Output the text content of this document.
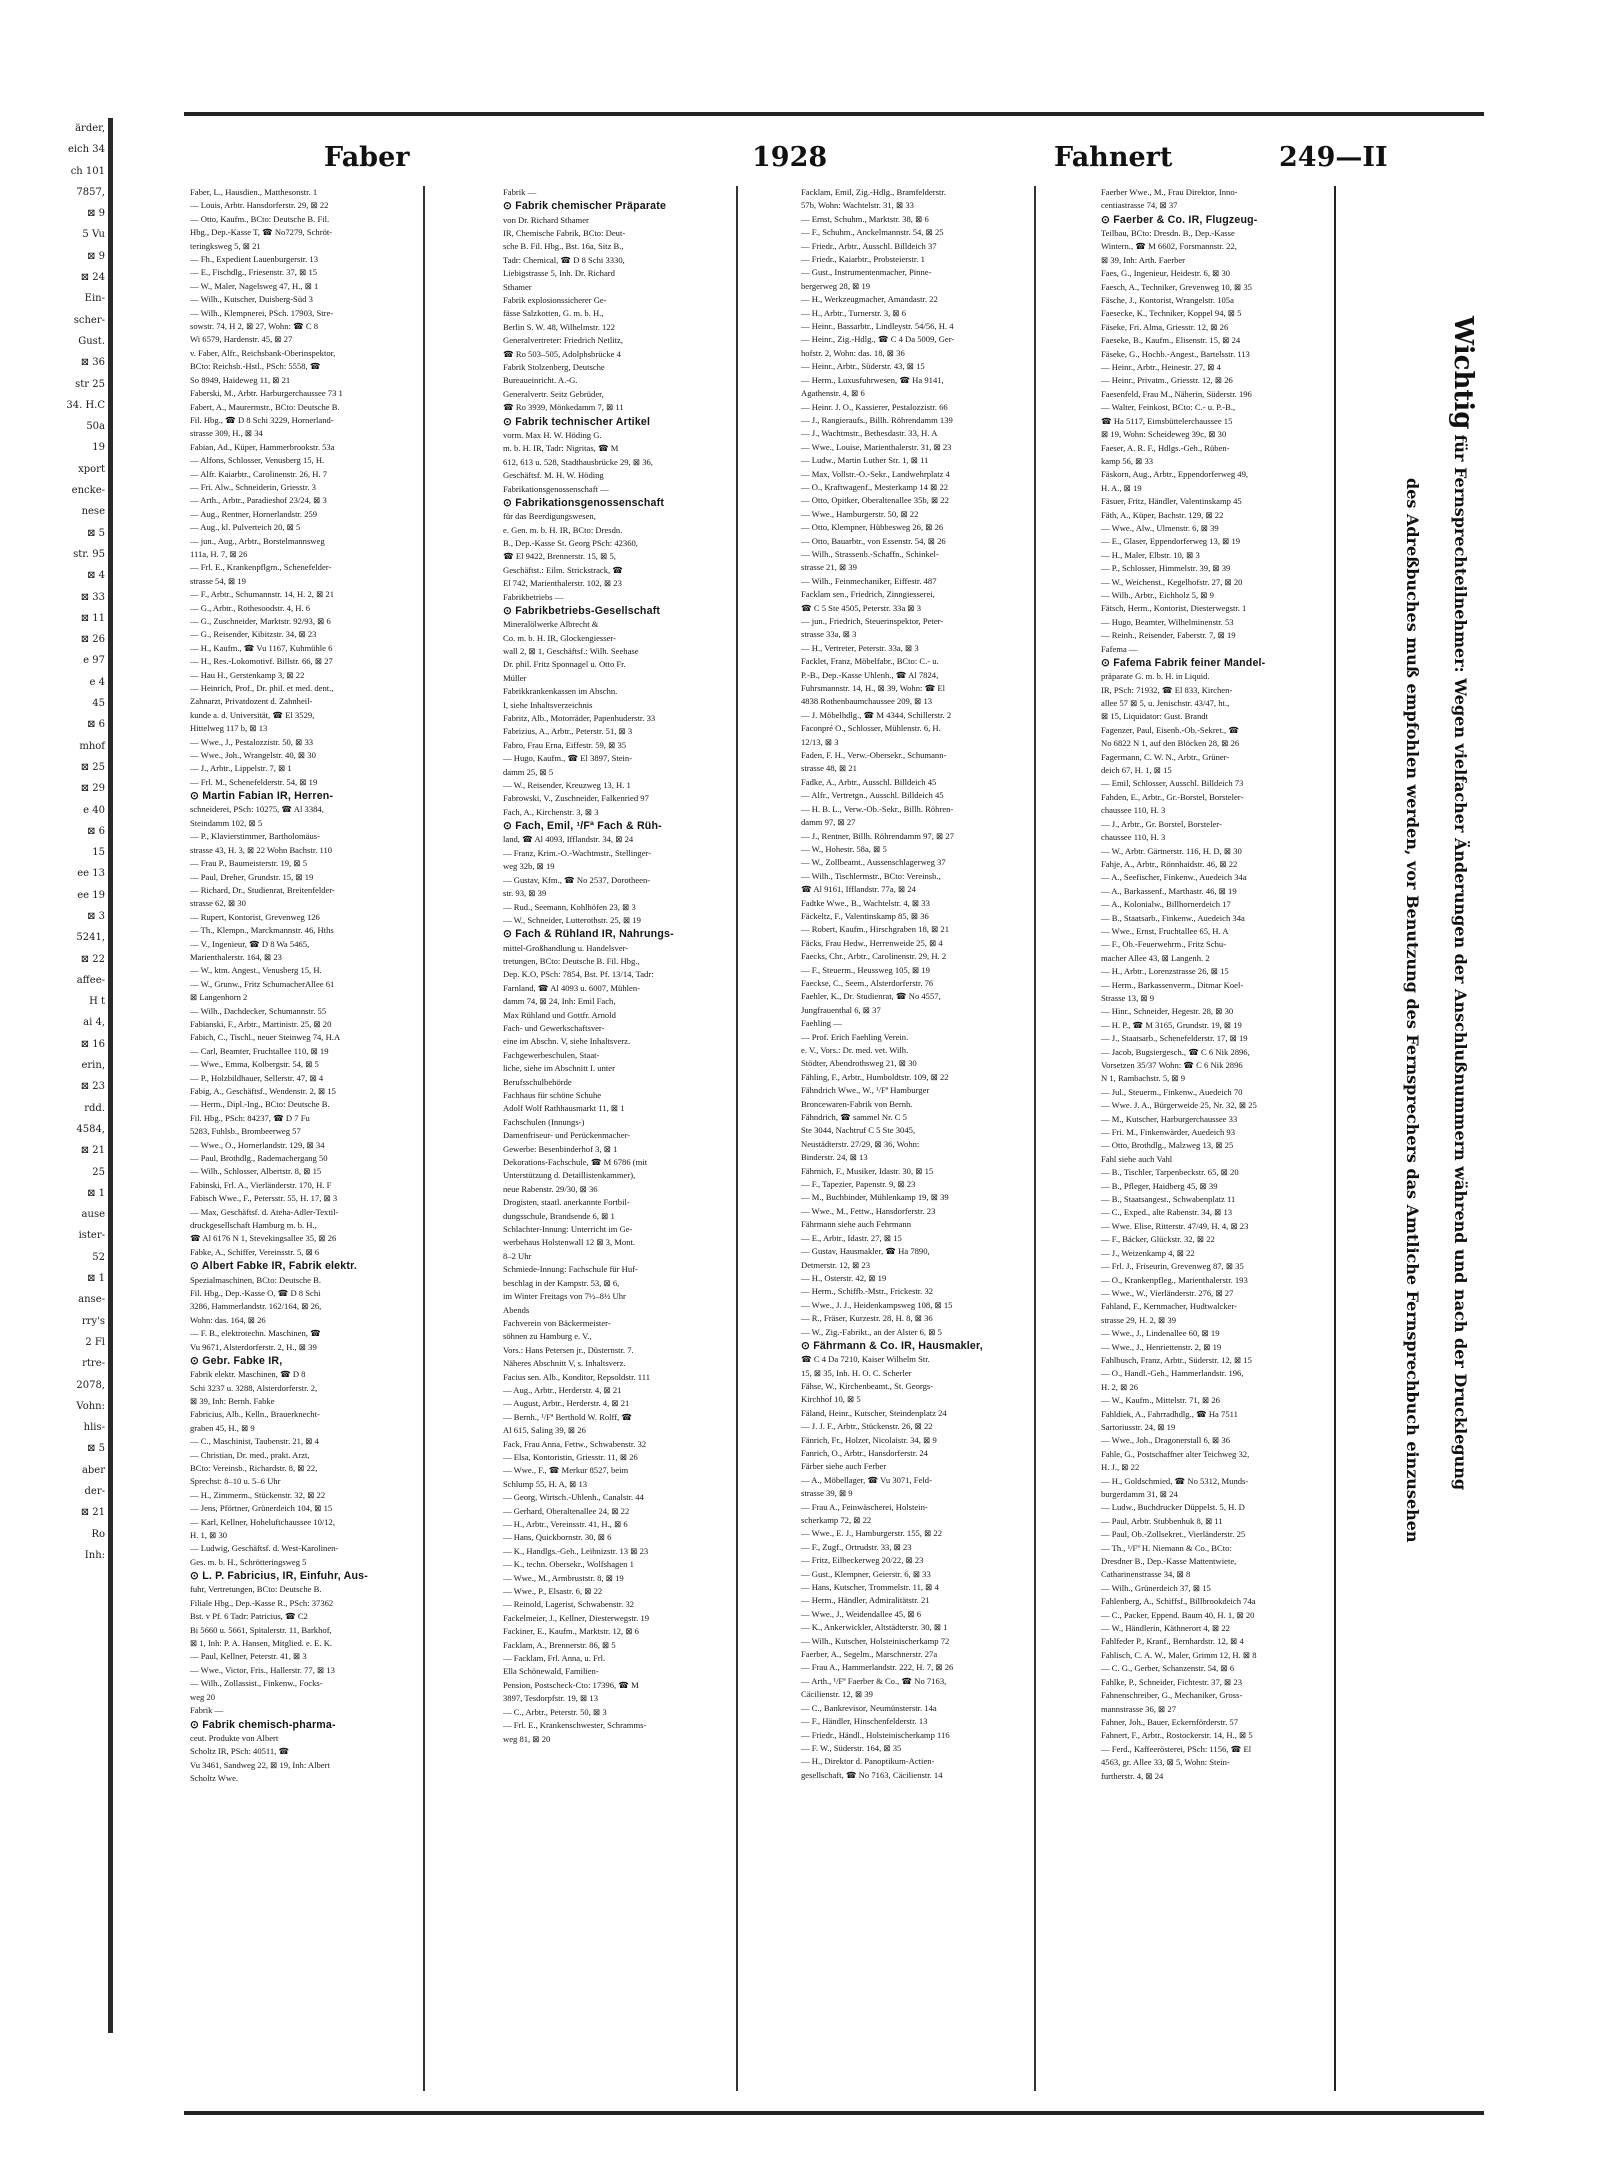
ärder,
eich 34
ch 101
7857,
⊠ 9
5 Vu
⊠ 9
⊠ 24
Ein-
scher-
Gust.
⊠ 36
str 25
34. H.C
50a
19
xport
encke-
nese
⊠ 5
str. 95
⊠ 4
⊠ 33
⊠ 11
⊠ 26
e 97
e 4
45
⊠ 6
mhof
⊠ 25
⊠ 29
e 40
⊠ 6
15
ee 13
ee 19
⊠ 3
5241,
⊠ 22
affee-
H t
ai 4,
⊠ 16
erin,
⊠ 23
rdd.
4584,
⊠ 21
25
⊠ 1
ause
ister-
52
⊠ 1
anse-
rry's
2 Fl
rtre-
2078,
Vohn:
hlis-
⊠ 5
aber
der-
⊠ 21
Ro
Inh:
Faber	1928	Fahnert	249—II
Faber, L., Hausdien., Matthesonstr. 1
— Louis, Arbtr. Hansdorferstr. 29, ⊠ 22
— Otto, Kaufm., BCto: Deutsche B. Fil.
Hbg., Dep.-Kasse T, ☎ No7279, Schröt-
teringksweg 5, ⊠ 21
— Fh., Expedient Lauenburgerstr. 13
— E., Fischdlg., Friesenstr. 37, ⊠ 15
— W., Maler, Nagelsweg 47, H., ⊠ 1
— Wilh., Kutscher, Duisberg-Süd 3
— Wilh., Klempnerei, PSch. 17903, Stre-
sowstr. 74, H 2, ⊠ 27, Wohn: ☎ C 8
Wi 6579, Hardenstr. 45, ⊠ 27
v. Faber, Alfr., Reichsbank-Oberinspektor,
BCto: Reichsb.-Hstl., PSch: 5558, ☎
So 8949, Haideweg 11, ⊠ 21
Faberski, M., Arbtr. Harburgerchaussee 73 1
Fabert, A., Maurermstr., BCto: Deutsche B.
Fil. Hbg., ☎ D 8 Schi 3229, Hornerland-
strasse 309, H., ⊠ 34
Fabian, Ad., Küper, Hammerbrookstr. 53a
— Alfons, Schlosser, Venusberg 15, H.
— Alfr. Kaiarbtr., Carolinenstr. 26, H. 7
— Fri. Alw., Schneiderin, Griesstr. 3
— Arth., Arbtr., Paradieshof 23/24, ⊠ 3
— Aug., Rentner, Hornerlandstr. 259
— Aug., kl. Pulverteich 20, ⊠ 5
— jun., Aug., Arbtr., Borstelmannsweg
111a, H. 7, ⊠ 26
— Frl. E., Krankenpflgrn., Schenefelder-
strasse 54, ⊠ 19
— F., Arbtr., Schumannstr. 14, H. 2, ⊠ 21
— G., Arbtr., Rothesoodstr. 4, H. 6
— G., Zuschneider, Marktstr. 92/93, ⊠ 6
— G., Reisender, Kibitzstr. 34, ⊠ 23
— H., Kaufm., ☎ Vu 1167, Kuhmühle 6
— H., Res.-Lokomotivf. Billstr. 66, ⊠ 27
— Hau H., Gerstenkamp 3, ⊠ 22
— Heinrich, Prof., Dr. phil. et med. dent.,
Zahnarzt, Privatdozent d. Zahnheil-
kunde a. d. Universität, ☎ El 3529,
Hittelweg 117 b, ⊠ 13
— Wwe., J., Pestalozzistr. 50, ⊠ 33
— Wwe., Joh., Wrangelstr. 40, ⊠ 30
— J., Arbtr., Lippelstr. 7, ⊠ 1
— Frl. M., Schenefelderstr. 54, ⊠ 19
⊙ Martin Fabian IR, Herren-
schneiderei, PSch: 10275, ☎ Al 3384,
Steindamm 102, ⊠ 5
— P., Klavierstimmer, Bartholomäus-
strasse 43, H. 3, ⊠ 22 Wohn Bachstr. 110
— Frau P., Baumeisterstr. 19, ⊠ 5
— Paul, Dreher, Grundstr. 15, ⊠ 19
— Richard, Dr., Studienrat, Breitenfelder-
strasse 62, ⊠ 30
— Rupert, Kontorist, Grevenweg 126
— Th., Klempn., Marckmannstr. 46, Hths
— V., Ingenieur, ☎ D 8 Wa 5465,
Marienthalerstr. 164, ⊠ 23
— W., ktm. Angest., Venusberg 15, H.
— W., Grunw., Fritz SchumacherAllee 61
⊠ Langenhorn 2
— Wilh., Dachdecker, Schumannstr. 55
Fabianski, F., Arbtr., Martinistr. 25, ⊠ 20
Fabich, C., Tischl., neuer Steinweg 74, H.A
— Carl, Beamter, Fruchtallee 110, ⊠ 19
— Wwe., Emma, Kolbergstr. 54, ⊠ 5
— P., Holzbildhauer, Sellerstr. 47, ⊠ 4
Fabig, A., Geschäftsf., Wendenstr. 2, ⊠ 15
— Herm., Dipl.-Ing., BCto: Deutsche B.
Fil. Hbg., PSch: 84237, ☎ D 7 Fu
5283, Fuhlsb., Brombeerweg 57
— Wwe., O., Hornerlandstr. 129, ⊠ 34
— Paul, Brothdlg., Rademachergang 50
— Wilh., Schlosser, Albertstr. 8, ⊠ 15
Fabinski, Frl. A., Vierländerstr. 170, H. F
Fabisch Wwe., F., Petersstr. 55, H. 17, ⊠ 3
— Max, Geschäftsf. d. Ateha-Adler-Textil-
druckgesellschaft Hamburg m. b. H.,
☎ Al 6176 N 1, Stevekingsallee 35, ⊠ 26
Fabke, A., Schiffer, Vereinsstr. 5, ⊠ 6
⊙ Albert Fabke IR, Fabrik elektr.
Spezialmaschinen, BCto: Deutsche B.
Fil. Hbg., Dep.-Kasse O, ☎ D 8 Schi
3286, Hammerlandstr. 162/164, ⊠ 26,
Wohn: das. 164, ⊠ 26
— F. B., elektrotechn. Maschinen, ☎
Vu 9671, Alsterdorferstr. 2, H., ⊠ 39
⊙ Gebr. Fabke IR,
Fabrik elektr. Maschinen, ☎ D 8
Schi 3237 u. 3288, Alsterdorferstr. 2,
⊠ 39, Inh: Bernh. Fabke
Fabricius, Alb., Kelln., Brauerknecht-
graben 45, H., ⊠ 9
— C., Maschinist, Taubenstr. 21, ⊠ 4
— Christian, Dr. med., prakt. Arzt,
BCto: Vereinsb., Richardstr. 8, ⊠ 22,
Sprechst: 8–10 u. 5–6 Uhr
— H., Zimmerm., Stückenstr. 32, ⊠ 22
— Jens, Pförtner, Grünerdeich 104, ⊠ 15
— Karl, Kellner, Hoheluftchaussee 10/12,
H. 1, ⊠ 30
— Ludwig, Geschäftsf. d. West-Karolinen-
Ges. m. b. H., Schrötteringsweg 5
⊙ L. P. Fabricius, IR, Einfuhr, Aus-
fuhr, Vertretungen, BCto: Deutsche B.
Filiale Hbg., Dep.-Kasse R., PSch: 37362
Bst. v Pf. 6 Tadr: Patricius, ☎ C2
Bi 5660 u. 5661, Spitalerstr. 11, Barkhof,
⊠ 1, Inh: P. A. Hansen, Mitglied. e. E. K.
— Paul, Kellner, Peterstr. 41, ⊠ 3
— Wwe., Victor, Fris., Hallerstr. 77, ⊠ 13
— Wilh., Zollassist., Finkenw., Focks-
weg 20
Fabrik —
⊙ Fabrik chemisch-pharma-
ceut. Produkte von Albert
Scholtz IR, PSch: 40511, ☎
Vu 3461, Sandweg 22, ⊠ 19, Inh: Albert
Scholtz Wwe.
Fabrik —
⊙ Fabrik chemischer Präparate
von Dr. Richard Sthamer
IR, Chemische Fabrik, BCto: Deut-
sche B. Fil. Hbg., Bst. 16a, Sitz B.,
Tadr: Chemical, ☎ D 8 Schi 3330,
Liebigstrasse 5, Inh. Dr. Richard
Sthamer
Fabrik explosionssicherer Ge-
fässe Salzkotten, G. m. b. H.,
Berlin S. W. 48, Wilhelmstr. 122
Generalvertreter: Friedrich Netlitz,
☎ Ro 503–505, Adolphsbrücke 4
Fabrik Stolzenberg, Deutsche
Bureaueinricht. A.-G.
Generalvertr. Seitz Gebrüder,
☎ Ro 3939, Mönkedamm 7, ⊠ 11
⊙ Fabrik technischer Artikel
vorm. Max H. W. Höding G.
m. b. H. IR, Tadr: Nigritas, ☎ M
612, 613 u. 528, Stadthausbrücke 29, ⊠ 36,
Geschäftsf. M. H. W. Höding
Fabrikationsgenossenschaft —
⊙ Fabrikationsgenossenschaft
für das Beerdigungswesen,
e. Gen. m. b. H. IR, BCto: Dresdn.
B., Dep.-Kasse St. Georg PSch: 42360,
☎ El 9422, Brennerstr. 15, ⊠ 5,
Geschäftst.: Eilm. Strickstrack, ☎
El 742, Marienthalerstr. 102, ⊠ 23
Fabrikbetriebs —
⊙ Fabrikbetriebs-Gesellschaft
Mineralölwerke Albrecht &
Co. m. b. H. IR, Glockengiesser-
wall 2, ⊠ 1, Geschäftsf.: Wilh. Seehase
Dr. phil. Fritz Sponnagel u. Otto Fr.
Müller
Fabrikkrankenkassen im Abschn.
I, siehe Inhaltsverzeichnis
Fabritz, Alb., Motorräder, Papenhuderstr. 33
Fabrizius, A., Arbtr., Peterstr. 51, ⊠ 3
Fabro, Frau Erna, Eiffestr. 59, ⊠ 35
— Hugo, Kaufm., ☎ El 3897, Stein-
damm 25, ⊠ 5
— W., Reisender, Kreuzweg 13, H. 1
Fabrowski, V., Zuschneider, Falkenried 97
Fach, A., Kirchenstr. 3, ⊠ 3
⊙ Fach, Emil, ¹/Fª Fach & Rüh-
land, ☎ Al 4093, Ifflandstr. 34, ⊠ 24
— Franz, Krim.-O.-Wachtmstr., Stellinger-
weg 32b, ⊠ 19
— Gustav, Kfm., ☎ No 2537, Dorotheen-
str. 93, ⊠ 39
— Rud., Seemann, Kohlhöfen 23, ⊠ 3
— W., Schneider, Lutterothstr. 25, ⊠ 19
⊙ Fach & Rühland IR, Nahrungs-
mittel-Großhandlung u. Handelsver-
tretungen, BCto: Deutsche B. Fil. Hbg.,
Dep. K.O, PSch: 7854, Bst. Pf. 13/14, Tadr:
Farnland, ☎ Al 4093 u. 6007, Mühlen-
damm 74, ⊠ 24, Inh: Emil Fach,
Max Rühland und Gottfr. Arnold
Fach- und Gewerkschaftsver-
eine im Abschn. V, siehe Inhaltsverz.
Fachgewerbeschulen, Staat-
liche, siehe im Abschnitt I. unter
Berufsschulbehörde
Fachhaus für schöne Schuhe
Adolf Wolf Rathhausmarkt 11, ⊠ 1
Fachschulen (Innungs-)
Damenfriseur- und Perückenmacher-
Gewerbe: Besenbinderhof 3, ⊠ 1
Dekorations-Fachschule, ☎ M 6786 (mit
Unterstützung d. Detaillistenkammer),
neue Rabenstr. 29/30, ⊠ 36
Drogisten, staatl. anerkannte Fortbil-
dungsschule, Brandsende 6, ⊠ 1
Schlachter-Innung: Unterricht im Ge-
werbehaus Holstenwall 12 ⊠ 3, Mont.
8–2 Uhr
Schmiede-Innung: Fachschule für Huf-
beschlag in der Kampstr. 53, ⊠ 6,
im Winter Freitags von 7½–8½ Uhr
Abends
Fachverein von Bäckermeister-
söhnen zu Hamburg e. V.,
Vors.: Hans Petersen jr., Düsternstr. 7.
Näheres Abschnitt V, s. Inhaltsverz.
Facius sen. Alb., Konditor, Repsoldstr. 111
— Aug., Arbtr., Herderstr. 4, ⊠ 21
— August, Arbtr., Herderstr. 4, ⊠ 21
— Bernh., ¹/Fª Berthold W. Rolff, ☎
Al 615, Saling 39, ⊠ 26
Fack, Frau Anna, Fettw., Schwabenstr. 32
— Elsa, Kontoristin, Griesstr. 11, ⊠ 26
— Wwe., F., ☎ Merkur 8527, beim
Schlump 55, H. A, ⊠ 13
— Georg, Wirtsch.-Uhlenh., Canalstr. 44
— Gerhard, Oberaltenallee 24, ⊠ 22
— H., Arbtr., Vereinsstr. 41, H., ⊠ 6
— Hans, Quickbornstr. 30, ⊠ 6
— K., Handlgs.-Geh., Leibnizstr. 13 ⊠ 23
— K., techn. Obersekr., Wolfshagen 1
— Wwe., M., Armbruststr. 8, ⊠ 19
— Wwe., P., Elsastr. 6, ⊠ 22
— Reinold, Lagerist, Schwabenstr. 32
Fackelmeier, J., Kellner, Diesterwegstr. 19
Fackiner, E., Kaufm., Marktstr. 12, ⊠ 6
Facklam, A., Brennerstr. 86, ⊠ 5
— Facklam, Frl. Anna, u. Frl.
Ella Schönewald, Familien-
Pension, Postscheck-Cto: 17396, ☎ M
3897, Tesdorpfstr. 19, ⊠ 13
— C., Arbtr., Peterstr. 50, ⊠ 3
— Frl. E., Krankenschwester, Schramms-
weg 81, ⊠ 20
Facklam, Emil, Zig.-Hdlg., Bramfelderstr.
57b, Wohn: Wachtelstr. 31, ⊠ 33
— Ernst, Schuhm., Marktstr. 38, ⊠ 6
— F., Schuhm., Anckelmannstr. 54, ⊠ 25
— Friedr., Arbtr., Ausschl. Billdeich 37
— Friedr., Kaiarbtr., Probsteierstr. 1
— Gust., Instrumentenmacher, Pinne-
bergerweg 28, ⊠ 19
— H., Werkzeugmacher, Amandastr. 22
— H., Arbtr., Turnerstr. 3, ⊠ 6
— Heinr., Bassarbtr., Lindleystr. 54/56, H. 4
— Heinr., Zig.-Hdlg., ☎ C 4 Da 5009, Ger-
hofstr. 2, Wohn: das. 18, ⊠ 36
— Heinr., Arbtr., Süderstr. 43, ⊠ 15
— Herm., Luxusfuhrwesen, ☎ Ha 9141,
Agathenstr. 4, ⊠ 6
— Heinr. J. O., Kassierer, Pestalozzistr. 66
— J., Rangieraufs., Billh. Röhrendamm 139
— J., Wachtmstr., Bethesdastr. 33, H. A
— Wwe., Louise, Marienthalerstr. 31, ⊠ 23
— Ludw., Martin Luther Str. 1, ⊠ 11
— Max, Vollstr.-O.-Sekr., Landwehrplatz 4
— O., Kraftwagenf., Mesterkamp 14 ⊠ 22
— Otto, Opitker, Oberaltenallee 35b, ⊠ 22
— Wwe., Hamburgerstr. 50, ⊠ 22
— Otto, Klempner, Hübbesweg 26, ⊠ 26
— Otto, Bauarbtr., von Essenstr. 54, ⊠ 26
— Wilh., Strassenb.-Schaffn., Schinkel-
strasse 21, ⊠ 39
— Wilh., Feinmechaniker, Eiffestr. 487
Facklam sen., Friedrich, Zinngiesserei,
☎ C 5 Ste 4505, Peterstr. 33a ⊠ 3
— jun., Friedrich, Steuerinspektor, Peter-
strasse 33a, ⊠ 3
— H., Vertreter, Peterstr. 33a, ⊠ 3
Facklet, Franz, Möbelfabr., BCto: C.- u.
P.-B., Dep.-Kasse Uhlenh., ☎ Al 7824,
Fuhrsmannstr. 14, H., ⊠ 39, Wohn: ☎ El
4838 Rothenbaumchaussee 209, ⊠ 13
— J. Möbelhdlg., ☎ M 4344, Schillerstr. 2
Faconpré O., Schlosser, Mühlenstr. 6, H.
12/13, ⊠ 3
Faden, F. H., Verw.-Obersekr., Schumann-
strasse 48, ⊠ 21
Fadke, A., Arbtr., Ausschl. Billdeich 45
— Alfr., Vertretgn., Ausschl. Billdeich 45
— H. B. L., Verw.-Ob.-Sekr., Billh. Röhren-
damm 97, ⊠ 27
— J., Rentner, Billh. Röhrendamm 97, ⊠ 27
— W., Hohestr. 58a, ⊠ 5
— W., Zollbeamt., Aussenschlagerweg 37
— Wilh., Tischlermstr., BCto: Vereinsb.,
☎ Al 9161, Ifflandstr. 77a, ⊠ 24
Fadtke Wwe., B., Wachtelstr. 4, ⊠ 33
Fäckeltz, F., Valentinskamp 85, ⊠ 36
— Robert, Kaufm., Hirschgraben 18, ⊠ 21
Fäcks, Frau Hedw., Herrenweide 25, ⊠ 4
Faecks, Chr., Arbtr., Carolinenstr. 29, H. 2
— F., Steuerm., Heussweg 105, ⊠ 19
Faeckse, C., Seem., Alsterdorferstr. 76
Faehler, K., Dr. Studienrat, ☎ No 4557,
Jungfrauenthal 6, ⊠ 37
Faehling —
— Prof. Erich Faehling Verein.
e. V., Vors.: Dr. med. vet. Wilh.
Stödter, Abendrothsweg 21, ⊠ 30
Fähling, F., Arbtr., Humboldtstr. 109, ⊠ 22
Fähndrich Wwe., W., ¹/Fª Hamburger
Broncewaren-Fabrik von Bernh.
Fähndrich, ☎ sammel Nr. C 5
Ste 3044, Nachtruf C 5 Ste 3045,
Neustädterstr. 27/29, ⊠ 36, Wohn:
Binderstr. 24, ⊠ 13
Fährnich, F., Musiker, Idastr. 30, ⊠ 15
— F., Tapezier, Papenstr. 9, ⊠ 23
— M., Buchbinder, Mühlenkamp 19, ⊠ 39
— Wwe., M., Fettw., Hansdorferstr. 23
Fährmann siehe auch Fehrmann
— E., Arbtr., Idastr. 27, ⊠ 15
— Gustav, Hausmakler, ☎ Ha 7890,
Detmerstr. 12, ⊠ 23
— H., Osterstr. 42, ⊠ 19
— Herm., Schiffb.-Mstr., Frickestr. 32
— Wwe., J. J., Heidenkampsweg 108, ⊠ 15
— R., Fräser, Kurzestr. 28, H. 8, ⊠ 36
— W., Zig.-Fabrikt., an der Alster 6, ⊠ 5
⊙ Fährmann & Co. IR, Hausmakler,
☎ C 4 Da 7210, Kaiser Wilhelm Str.
15, ⊠ 35, Inh. H. O. C. Scherler
Fähse, W., Kirchenbeamt., St. Georgs-
Kirchhof 10, ⊠ 5
Fäland, Heinr., Kutscher, Steindenplatz 24
— J. J. F., Arbtr., Stückenstr. 26, ⊠ 22
Fänrich, Fr., Holzer, Nicolaistr. 34, ⊠ 9
Fanrich, O., Arbtr., Hansdorferstr. 24
Färber siehe auch Ferber
— A., Möbellager, ☎ Vu 3071, Feld-
strasse 39, ⊠ 9
— Frau A., Feinwäscherei, Holstein-
scherkamp 72, ⊠ 22
— Wwe., E. J., Hamburgerstr. 155, ⊠ 22
— F., Zugf., Ortrudstr. 33, ⊠ 23
— Fritz, Eilbeckerweg 20/22, ⊠ 23
— Gust., Klempner, Geierstr. 6, ⊠ 33
— Hans, Kutscher, Trommelstr. 11, ⊠ 4
— Herm., Händler, Admiralitätstr. 21
— Wwe., J., Weidendallee 45, ⊠ 6
— K., Ankerwickler, Altstädterstr. 30, ⊠ 1
— Wilh., Kutscher, Holsteinischerkamp 72
Faerber, A., Segelm., Marschnerstr. 27a
— Frau A., Hammerlandstr. 222, H. 7, ⊠ 26
— Arth., ¹/Fª Faerber & Co., ☎ No 7163,
Cäcilienstr. 12, ⊠ 39
— C., Bankrevisor, Neumünsterstr. 14a
— F., Händler, Hinschenfelderstr. 13
— Friedr., Händl., Holsteinischerkamp 116
— F. W., Süderstr. 164, ⊠ 35
— H., Direktor d. Panoptikum-Actien-
gesellschaft, ☎ No 7163, Cäcilienstr. 14
Faerber Wwe., M., Frau Direktor, Inno-
centiastrasse 74, ⊠ 37
⊙ Faerber & Co. IR, Flugzeug-
Teilbau, BCto: Dresdn. B., Dep.-Kasse
Wintern., ☎ M 6602, Forsmannstr. 22,
⊠ 39, Inh: Arth. Faerber
Faes, G., Ingenieur, Heidestr. 6, ⊠ 30
Faesch, A., Techniker, Grevenweg 10, ⊠ 35
Fäsche, J., Kontorist, Wrangelstr. 105a
Faesecke, K., Techniker, Koppel 94, ⊠ 5
Fäseke, Fri. Alma, Griesstr. 12, ⊠ 26
Faeseke, B., Kaufm., Elisenstr. 15, ⊠ 24
Fäseke, G., Hochb.-Angest., Bartelsstr. 113
— Heinr., Arbtr., Heinestr. 27, ⊠ 4
— Heinr., Privatm., Griesstr. 12, ⊠ 26
Faesenfeld, Frau M., Näherin, Süderstr. 196
— Walter, Feinkost, BCto: C.- u. P.-B.,
☎ Ha 5117, Eimsbüttelerchaussee 15
⊠ 19, Wohn: Scheideweg 39c, ⊠ 30
Faeser, A. R. F., Hdlgs.-Geh., Rüben-
kamp 56, ⊠ 33
Fäskorn, Aug., Arbtr., Eppendorferweg 49,
H. A., ⊠ 19
Fäsuer, Fritz, Händler, Valentinskamp 45
Fäth, A., Küper, Bachstr. 129, ⊠ 22
— Wwe., Alw., Ulmenstr. 6, ⊠ 39
— E., Glaser, Eppendorferweg 13, ⊠ 19
— H., Maler, Elbstr. 10, ⊠ 3
— P., Schlosser, Himmelstr. 39, ⊠ 39
— W., Weichenst., Kegelhofstr. 27, ⊠ 20
— Wilh., Arbtr., Eichholz 5, ⊠ 9
Fätsch, Herm., Kontorist, Diesterwegstr. 1
— Hugo, Beamter, Wilhelminenstr. 53
— Reinh., Reisender, Faberstr. 7, ⊠ 19
Fafema —
⊙ Fafema Fabrik feiner Mandel-
präparate G. m. b. H. in Liquid.
IR, PSch: 71932, ☎ El 833, Kirchen-
allee 57 ⊠ 5, u. Jenischstr. 43/47, ht.,
⊠ 15, Liquidator: Gust. Brandt
Fagenzer, Paul, Eisenb.-Ob.-Sekret., ☎
No 6822 N 1, auf den Blöcken 28, ⊠ 26
Fagermann, C. W. N., Arbtr., Grüner-
deich 67, H. 1, ⊠ 15
— Emil, Schlosser, Ausschl. Billdeich 73
Fahden, E., Arbtr., Gr.-Borstel, Borsteler-
chaussee 110, H. 3
— J., Arbtr., Gr. Borstel, Borsteler-
chaussee 110, H. 3
— W., Arbtr. Gärtnerstr. 116, H. D, ⊠ 30
Fahje, A., Arbtr., Rönnhaidstr. 46, ⊠ 22
— A., Seefischer, Finkenw., Auedeich 34a
— A., Barkassenf., Marthastr. 46, ⊠ 19
— A., Kolonialw., Billhornerdeich 17
— B., Staatsarb., Finkenw., Auedeich 34a
— Wwe., Ernst, Fruchtallee 65, H. A
— F., Ob.-Feuerwehrm., Fritz Schu-
macher Allee 43, ⊠ Langenh. 2
— H., Arbtr., Lorenzstrasse 26, ⊠ 15
— Herm., Barkassenverm., Ditmar Koel-
Strasse 13, ⊠ 9
— Hinr., Schneider, Hegestr. 28, ⊠ 30
— H. P., ☎ M 3165, Grundstr. 19, ⊠ 19
— J., Staatsarb., Schenefelderstr. 17, ⊠ 19
— Jacob, Bugsiergesch., ☎ C 6 Nik 2896,
Vorsetzen 35/37 Wohn: ☎ C 6 Nik 2896
N 1, Rambachstr. 5, ⊠ 9
— Jul., Steuerm., Finkenw., Auedeich 70
— Wwe. J. A., Bürgerweide 25, Nr. 32, ⊠ 25
— M., Kutscher, Harburgerchaussee 33
— Fri. M., Finkenwärder, Auedeich 93
— Otto, Brothdlg., Malzweg 13, ⊠ 25
Fahl siehe auch Vahl
— B., Tischler, Tarpenbeckstr. 65, ⊠ 20
— B., Pfleger, Haidberg 45, ⊠ 39
— B., Staatsangest., Schwabenplatz 11
— C., Exped., alte Rabenstr. 34, ⊠ 13
— Wwe. Elise, Ritterstr. 47/49, H. 4, ⊠ 23
— F., Bäcker, Glückstr. 32, ⊠ 22
— J., Weizenkamp 4, ⊠ 22
— Frl. J., Friseurin, Grevenweg 87, ⊠ 35
— O., Krankenpfleg., Marienthalerstr. 193
— Wwe., W., Vierländerstr. 276, ⊠ 27
Fahland, F., Kernmacher, Hudtwalcker-
strasse 29, H. 2, ⊠ 39
— Wwe., J., Lindenallee 60, ⊠ 19
— Wwe., J., Henriettenstr. 2, ⊠ 19
Fahlbusch, Franz, Arbtr., Süderstr. 12, ⊠ 15
— O., Handl.-Geh., Hammerlandstr. 196,
H. 2, ⊠ 26
— W., Kaufm., Mittelstr. 71, ⊠ 26
Fahldiek, A., Fahrradhdlg., ☎ Ha 7511
Sartoriusstr. 24, ⊠ 19
— Wwe., Joh., Dragonerstall 6, ⊠ 36
Fahle, G., Postschaffner alter Teichweg 32,
H. J., ⊠ 22
— H., Goldschmied, ☎ No 5312, Munds-
burgerdamm 31, ⊠ 24
— Ludw., Buchdrucker Düppelst. 5, H. D
— Paul, Arbtr. Stubbenhuk 8, ⊠ 11
— Paul, Ob.-Zollsekret., Vierländerstr. 25
— Th., ¹/Fª H. Niemann & Co., BCto:
Dresdner B., Dep.-Kasse Mattentwiete,
Catharinenstrasse 34, ⊠ 8
— Wilh., Grünerdeich 37, ⊠ 15
Fahlenberg, A., Schiffsf., Billbrookdeich 74a
— C., Packer, Eppend. Baum 40, H. 1, ⊠ 20
— W., Händlerin, Käthnerort 4, ⊠ 22
Fahlfeder P., Kranf., Bernhardstr. 12, ⊠ 4
Fahlisch, C. A. W., Maler, Grimm 12, H. ⊠ 8
— C. G., Gerber, Schanzenstr. 54, ⊠ 6
Fahlke, P., Schneider, Fichtestr. 37, ⊠ 23
Fahnenschreiber, G., Mechaniker, Gross-
mannstrasse 36, ⊠ 27
Fahner, Joh., Bauer, Eckernförderstr. 57
Fahnert, F., Arbtr., Rostockerstr. 14, H., ⊠ 5
— Ferd., Kaffeerösterei, PSch: 1156, ☎ El
4563, gr. Allee 33, ⊠ 5, Wohn: Stein-
furtherstr. 4, ⊠ 24
Wichtig für Fernsprechteilnehmer: Wegen vielfacher Änderungen der Anschlußnummern während und nach der Drucklegung
des Adreßbuches muß empfohlen werden, vor Benutzung des Fernsprechers das Amtliche Fernsprechbuch einzusehen
